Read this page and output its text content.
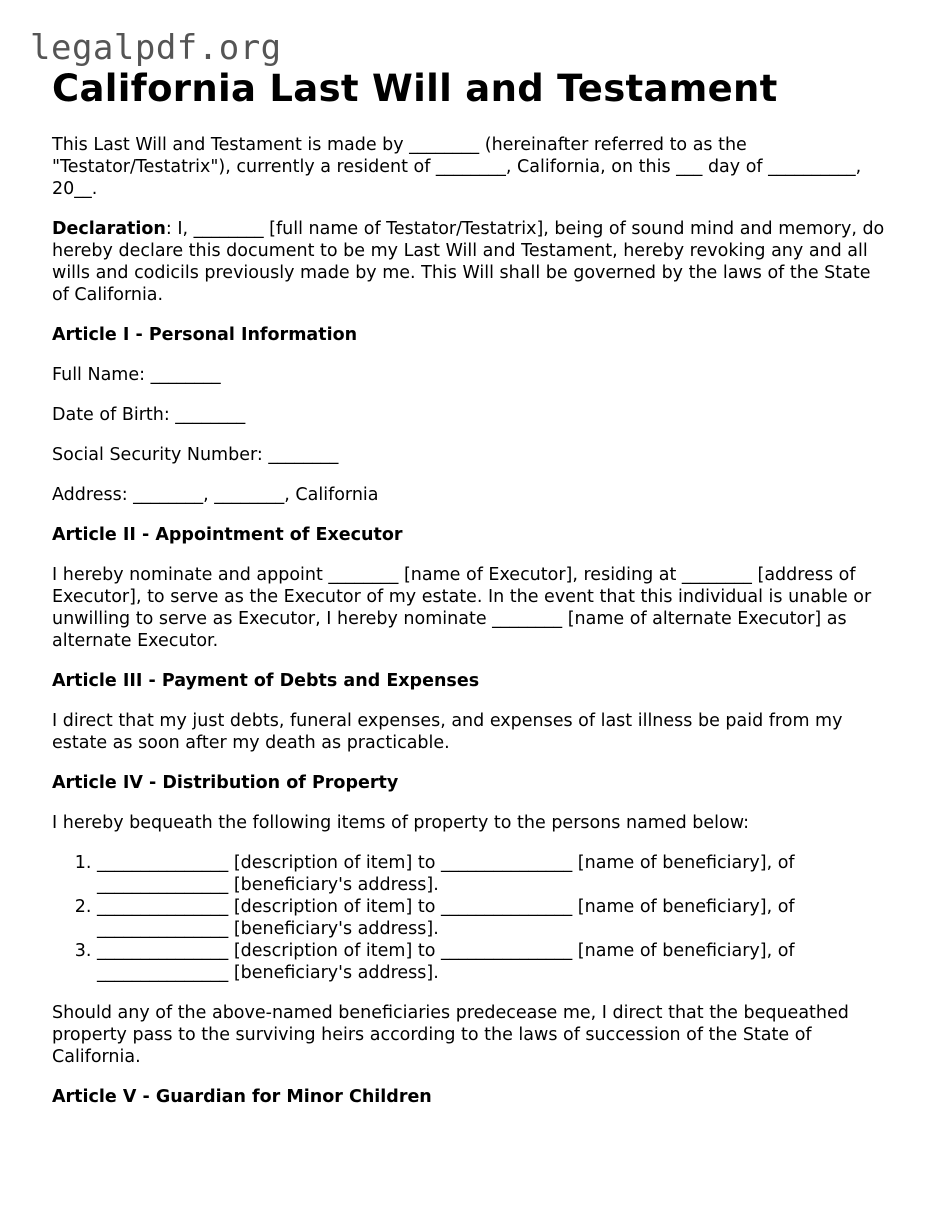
legalpdf.org
California Last Will and Testament

This Last Will and Testament is made by ________ (hereinafter referred to as the "Testator/Testatrix"), currently a resident of ________, California, on this ___ day of __________, 20__.

Declaration: I, ________ [full name of Testator/Testatrix], being of sound mind and memory, do hereby declare this document to be my Last Will and Testament, hereby revoking any and all wills and codicils previously made by me. This Will shall be governed by the laws of the State of California.

Article I - Personal Information

Full Name: ________

Date of Birth: ________

Social Security Number: ________

Address: ________, ________, California

Article II - Appointment of Executor

I hereby nominate and appoint ________ [name of Executor], residing at ________ [address of Executor], to serve as the Executor of my estate. In the event that this individual is unable or unwilling to serve as Executor, I hereby nominate ________ [name of alternate Executor] as alternate Executor.

Article III - Payment of Debts and Expenses

I direct that my just debts, funeral expenses, and expenses of last illness be paid from my estate as soon after my death as practicable.

Article IV - Distribution of Property

I hereby bequeath the following items of property to the persons named below:

1. _______________ [description of item] to _______________ [name of beneficiary], of _______________ [beneficiary's address].
2. _______________ [description of item] to _______________ [name of beneficiary], of _______________ [beneficiary's address].
3. _______________ [description of item] to _______________ [name of beneficiary], of _______________ [beneficiary's address].

Should any of the above-named beneficiaries predecease me, I direct that the bequeathed property pass to the surviving heirs according to the laws of succession of the State of California.

Article V - Guardian for Minor Children
